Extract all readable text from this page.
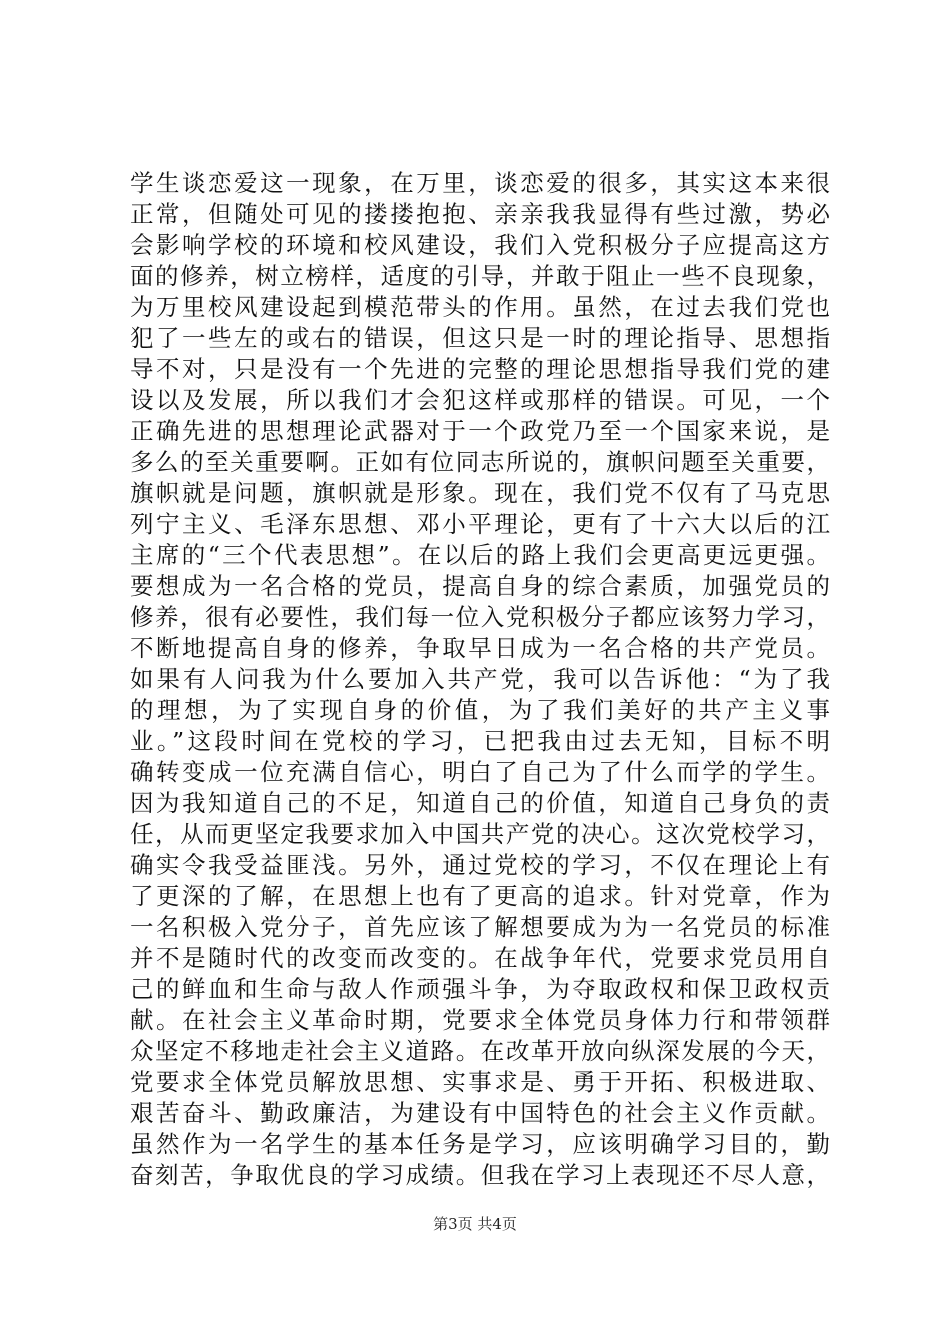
学生谈恋爱这一现象，在万里，谈恋爱的很多，其实这本来很
正常，但随处可见的搂搂抱抱、亲亲我我显得有些过激，势必
会影响学校的环境和校风建设，我们入党积极分子应提高这方
面的修养，树立榜样，适度的引导，并敢于阻止一些不良现象，
为万里校风建设起到模范带头的作用。虽然，在过去我们党也
犯了一些左的或右的错误，但这只是一时的理论指导、思想指
导不对，只是没有一个先进的完整的理论思想指导我们党的建
设以及发展，所以我们才会犯这样或那样的错误。可见，一个
正确先进的思想理论武器对于一个政党乃至一个国家来说，是
多么的至关重要啊。正如有位同志所说的，旗帜问题至关重要，
旗帜就是问题，旗帜就是形象。现在，我们党不仅有了马克思
列宁主义、毛泽东思想、邓小平理论，更有了十六大以后的江
主席的“三个代表思想”。在以后的路上我们会更高更远更强。
要想成为一名合格的党员，提高自身的综合素质，加强党员的
修养，很有必要性，我们每一位入党积极分子都应该努力学习，
不断地提高自身的修养，争取早日成为一名合格的共产党员。
如果有人问我为什么要加入共产党，我可以告诉他：“为了我
的理想，为了实现自身的价值，为了我们美好的共产主义事
业。”这段时间在党校的学习，已把我由过去无知，目标不明
确转变成一位充满自信心，明白了自己为了什么而学的学生。
因为我知道自己的不足，知道自己的价值，知道自己身负的责
任，从而更坚定我要求加入中国共产党的决心。这次党校学习，
确实令我受益匪浅。另外，通过党校的学习，不仅在理论上有
了更深的了解，在思想上也有了更高的追求。针对党章，作为
一名积极入党分子，首先应该了解想要成为为一名党员的标准
并不是随时代的改变而改变的。在战争年代，党要求党员用自
己的鲜血和生命与敌人作顽强斗争，为夺取政权和保卫政权贡
献。在社会主义革命时期，党要求全体党员身体力行和带领群
众坚定不移地走社会主义道路。在改革开放向纵深发展的今天，
党要求全体党员解放思想、实事求是、勇于开拓、积极进取、
艰苦奋斗、勤政廉洁，为建设有中国特色的社会主义作贡献。
虽然作为一名学生的基本任务是学习，应该明确学习目的，勤
奋刻苦，争取优良的学习成绩。但我在学习上表现还不尽人意，
第3页 共4页
